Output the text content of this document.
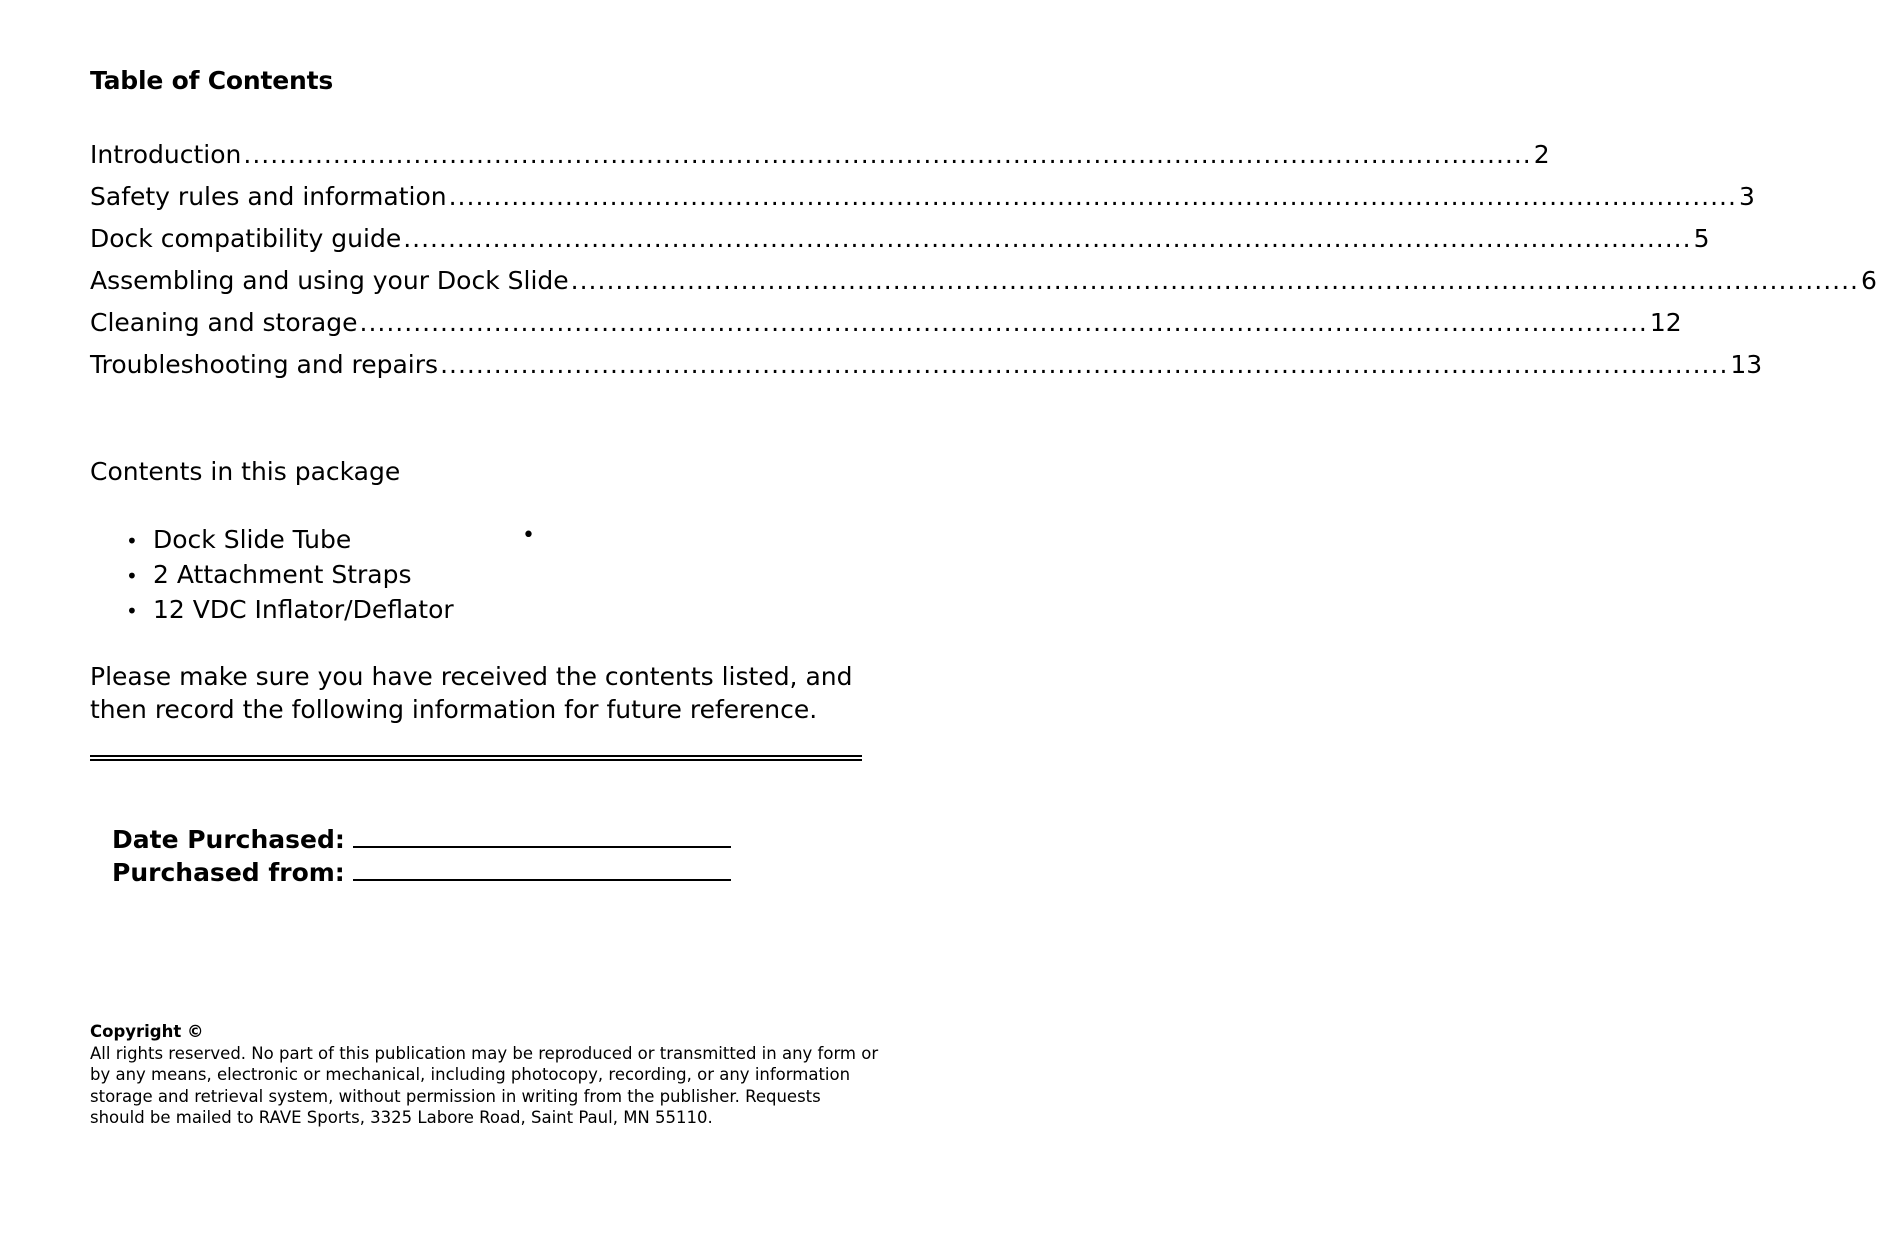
Table of Contents
Introduction ................................................................................................................................................ 2
Safety rules and information ................................................................................................................................................ 3
Dock compatibility guide ................................................................................................................................................ 5
Assembling and using your Dock Slide ................................................................................................................................................ 6
Cleaning and storage ................................................................................................................................................ 12
Troubleshooting and repairs ................................................................................................................................................ 13
Contents in this package
• Dock Slide Tube
• 2 Attachment Straps
• 12 VDC Inflator/Deflator
•
Please make sure you have received the contents listed, and then record the following information for future reference.
Date Purchased:
Purchased from:
Copyright ©
All rights reserved. No part of this publication may be reproduced or transmitted in any form or by any means, electronic or mechanical, including photocopy, recording, or any information storage and retrieval system, without permission in writing from the publisher. Requests should be mailed to RAVE Sports, 3325 Labore Road, Saint Paul, MN 55110.
